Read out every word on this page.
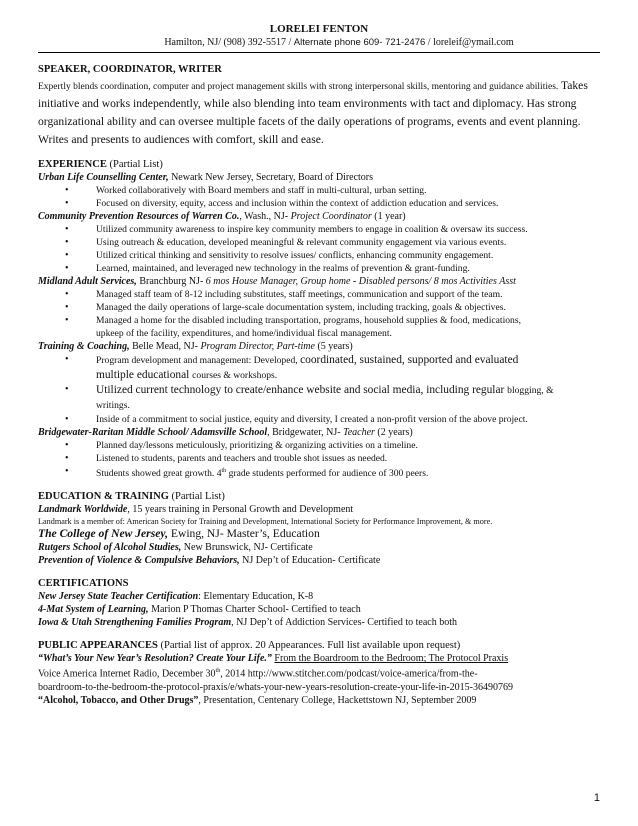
LORELEI FENTON
Hamilton, NJ/ (908) 392-5517 / Alternate phone 609- 721-2476 / loreleif@ymail.com
SPEAKER, COORDINATOR, WRITER
Expertly blends coordination, computer and project management skills with strong interpersonal skills, mentoring and guidance abilities. Takes initiative and works independently, while also blending into team environments with tact and diplomacy. Has strong organizational ability and can oversee multiple facets of the daily operations of programs, events and event planning. Writes and presents to audiences with comfort, skill and ease.
EXPERIENCE (Partial List)
Urban Life Counselling Center, Newark New Jersey, Secretary, Board of Directors
•	Worked collaboratively with Board members and staff in multi-cultural, urban setting.
•	Focused on diversity, equity, access and inclusion within the context of addiction education and services.
Community Prevention Resources of Warren Co., Wash., NJ- Project Coordinator (1 year)
•	Utilized community awareness to inspire key community members to engage in coalition & oversaw its success.
•	Using outreach & education, developed meaningful & relevant community engagement via various events.
•	Utilized critical thinking and sensitivity to resolve issues/ conflicts, enhancing community engagement.
•	Learned, maintained, and leveraged new technology in the realms of prevention & grant-funding.
Midland Adult Services, Branchburg NJ- 6 mos House Manager, Group home - Disabled persons/ 8 mos Activities Asst
•	Managed staff team of 8-12 including substitutes, staff meetings, communication and support of the team.
•	Managed the daily operations of large-scale documentation system, including tracking, goals & objectives.
•	Managed a home for the disabled including transportation, programs, household supplies & food, medications,
upkeep of the facility, expenditures, and home/individual fiscal management.
Training & Coaching, Belle Mead, NJ- Program Director, Part-time (5 years)
•	Program development and management: Developed, coordinated, sustained, supported and evaluated
multiple educational courses & workshops.
• Utilized current technology to create/enhance website and social media, including regular blogging, &
writings.
•	Inside of a commitment to social justice, equity and diversity, I created a non-profit version of the above project.
Bridgewater-Raritan Middle School/ Adamsville School, Bridgewater, NJ- Teacher (2 years)
•	Planned day/lessons meticulously, prioritizing & organizing activities on a timeline.
•	Listened to students, parents and teachers and trouble shot issues as needed.
•	Students showed great growth. 4th grade students performed for audience of 300 peers.
EDUCATION & TRAINING (Partial List)
Landmark Worldwide, 15 years training in Personal Growth and Development
Landmark is a member of: American Society for Training and Development, International Society for Performance Improvement, & more.
The College of New Jersey, Ewing, NJ- Master’s, Education
Rutgers School of Alcohol Studies, New Brunswick, NJ- Certificate
Prevention of Violence & Compulsive Behaviors, NJ Dep’t of Education- Certificate
CERTIFICATIONS
New Jersey State Teacher Certification: Elementary Education, K-8
4-Mat System of Learning, Marion P Thomas Charter School- Certified to teach
Iowa & Utah Strengthening Families Program, NJ Dep’t of Addiction Services- Certified to teach both
PUBLIC APPEARANCES (Partial list of approx. 20 Appearances. Full list available upon request)
“What’s Your New Year’s Resolution? Create Your Life.” From the Boardroom to the Bedroom; The Protocol Praxis
Voice America Internet Radio, December 30th, 2014 http://www.stitcher.com/podcast/voice-america/from-the-
boardroom-to-the-bedroom-the-protocol-praxis/e/whats-your-new-years-resolution-create-your-life-in-2015-36490769
“Alcohol, Tobacco, and Other Drugs”, Presentation, Centenary College, Hackettstown NJ, September 2009
1
